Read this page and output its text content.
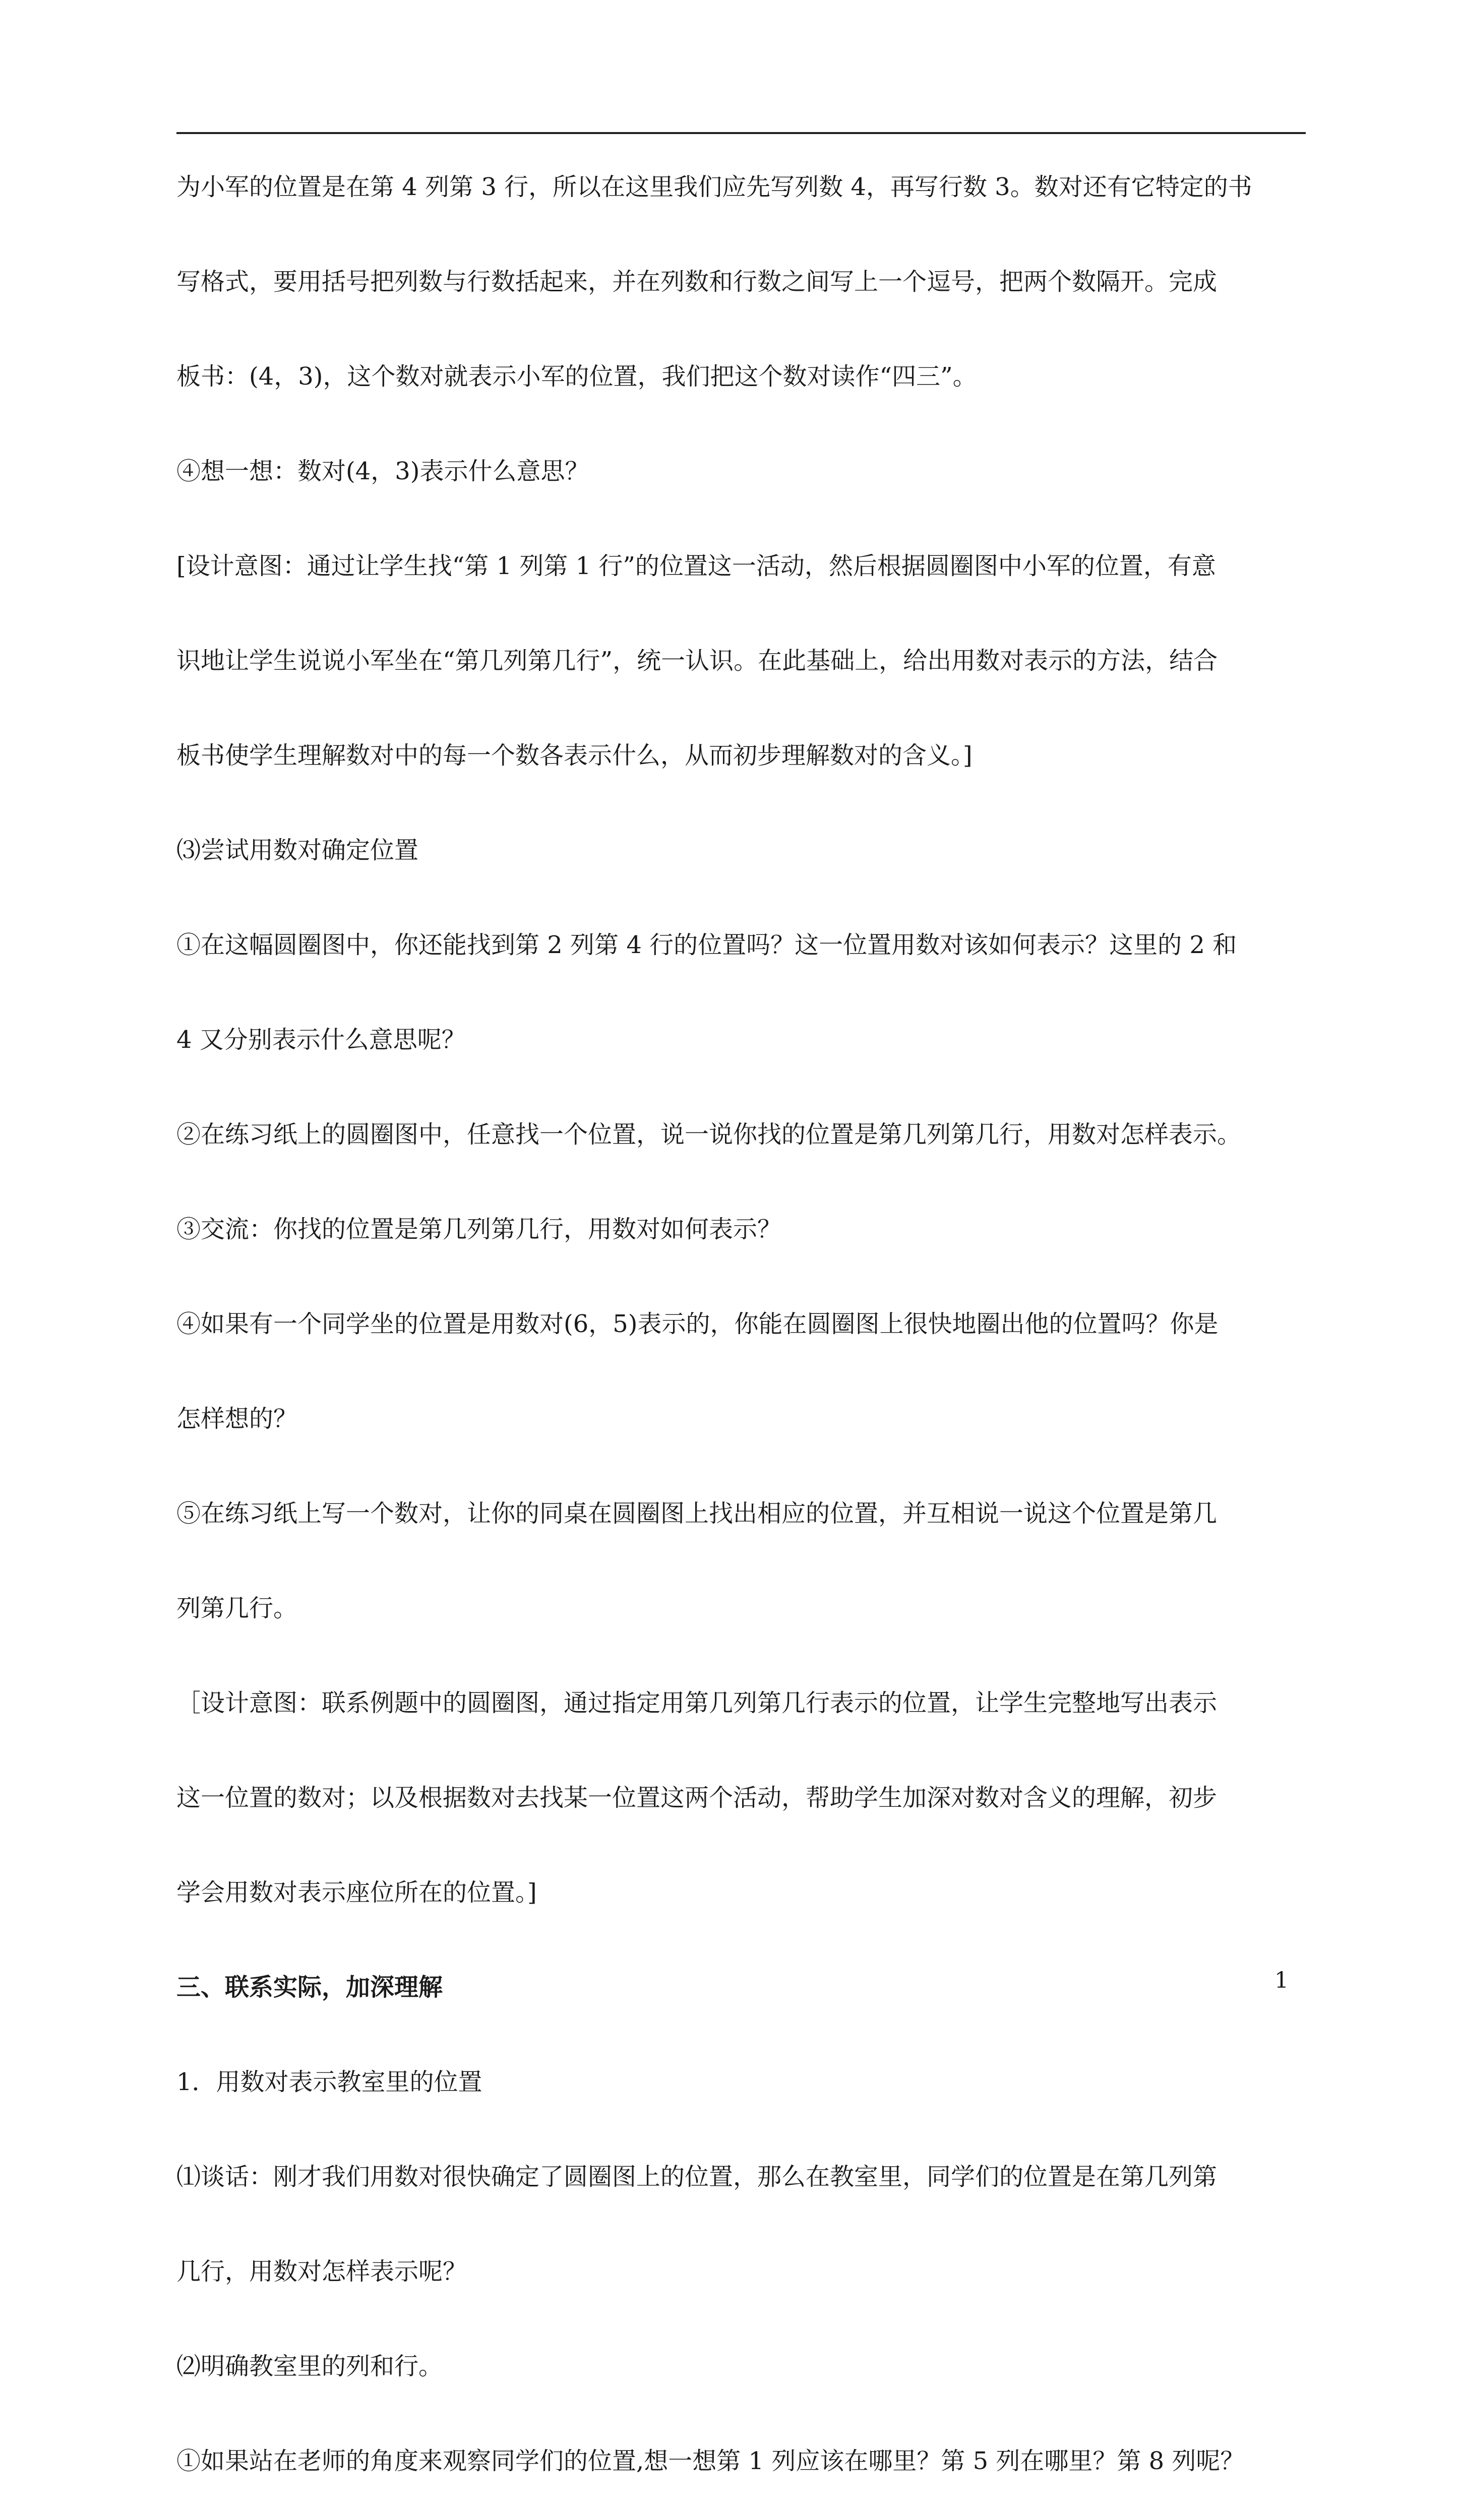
为小军的位置是在第 4 列第 3 行，所以在这里我们应先写列数 4，再写行数 3。数对还有它特定的书
写格式，要用括号把列数与行数括起来，并在列数和行数之间写上一个逗号，把两个数隔开。完成
板书：(4，3)，这个数对就表示小军的位置，我们把这个数对读作“四三”。
④想一想：数对(4，3)表示什么意思？
[设计意图：通过让学生找“第 1 列第 1 行”的位置这一活动，然后根据圆圈图中小军的位置，有意
识地让学生说说小军坐在“第几列第几行”，统一认识。在此基础上，给出用数对表示的方法，结合
板书使学生理解数对中的每一个数各表示什么，从而初步理解数对的含义。]
⑶尝试用数对确定位置
①在这幅圆圈图中，你还能找到第 2 列第 4 行的位置吗？这一位置用数对该如何表示？这里的 2 和
4 又分别表示什么意思呢？
②在练习纸上的圆圈图中，任意找一个位置，说一说你找的位置是第几列第几行，用数对怎样表示。
③交流：你找的位置是第几列第几行，用数对如何表示？
④如果有一个同学坐的位置是用数对(6，5)表示的，你能在圆圈图上很快地圈出他的位置吗？你是
怎样想的？
⑤在练习纸上写一个数对，让你的同桌在圆圈图上找出相应的位置，并互相说一说这个位置是第几
列第几行。
［设计意图：联系例题中的圆圈图，通过指定用第几列第几行表示的位置，让学生完整地写出表示
这一位置的数对；以及根据数对去找某一位置这两个活动，帮助学生加深对数对含义的理解，初步
学会用数对表示座位所在的位置。]
三、联系实际，加深理解
1．用数对表示教室里的位置
⑴谈话：刚才我们用数对很快确定了圆圈图上的位置，那么在教室里，同学们的位置是在第几列第
几行，用数对怎样表示呢？
⑵明确教室里的列和行。
①如果站在老师的角度来观察同学们的位置,想一想第 1 列应该在哪里？第 5 列在哪里？第 8 列呢？
1
